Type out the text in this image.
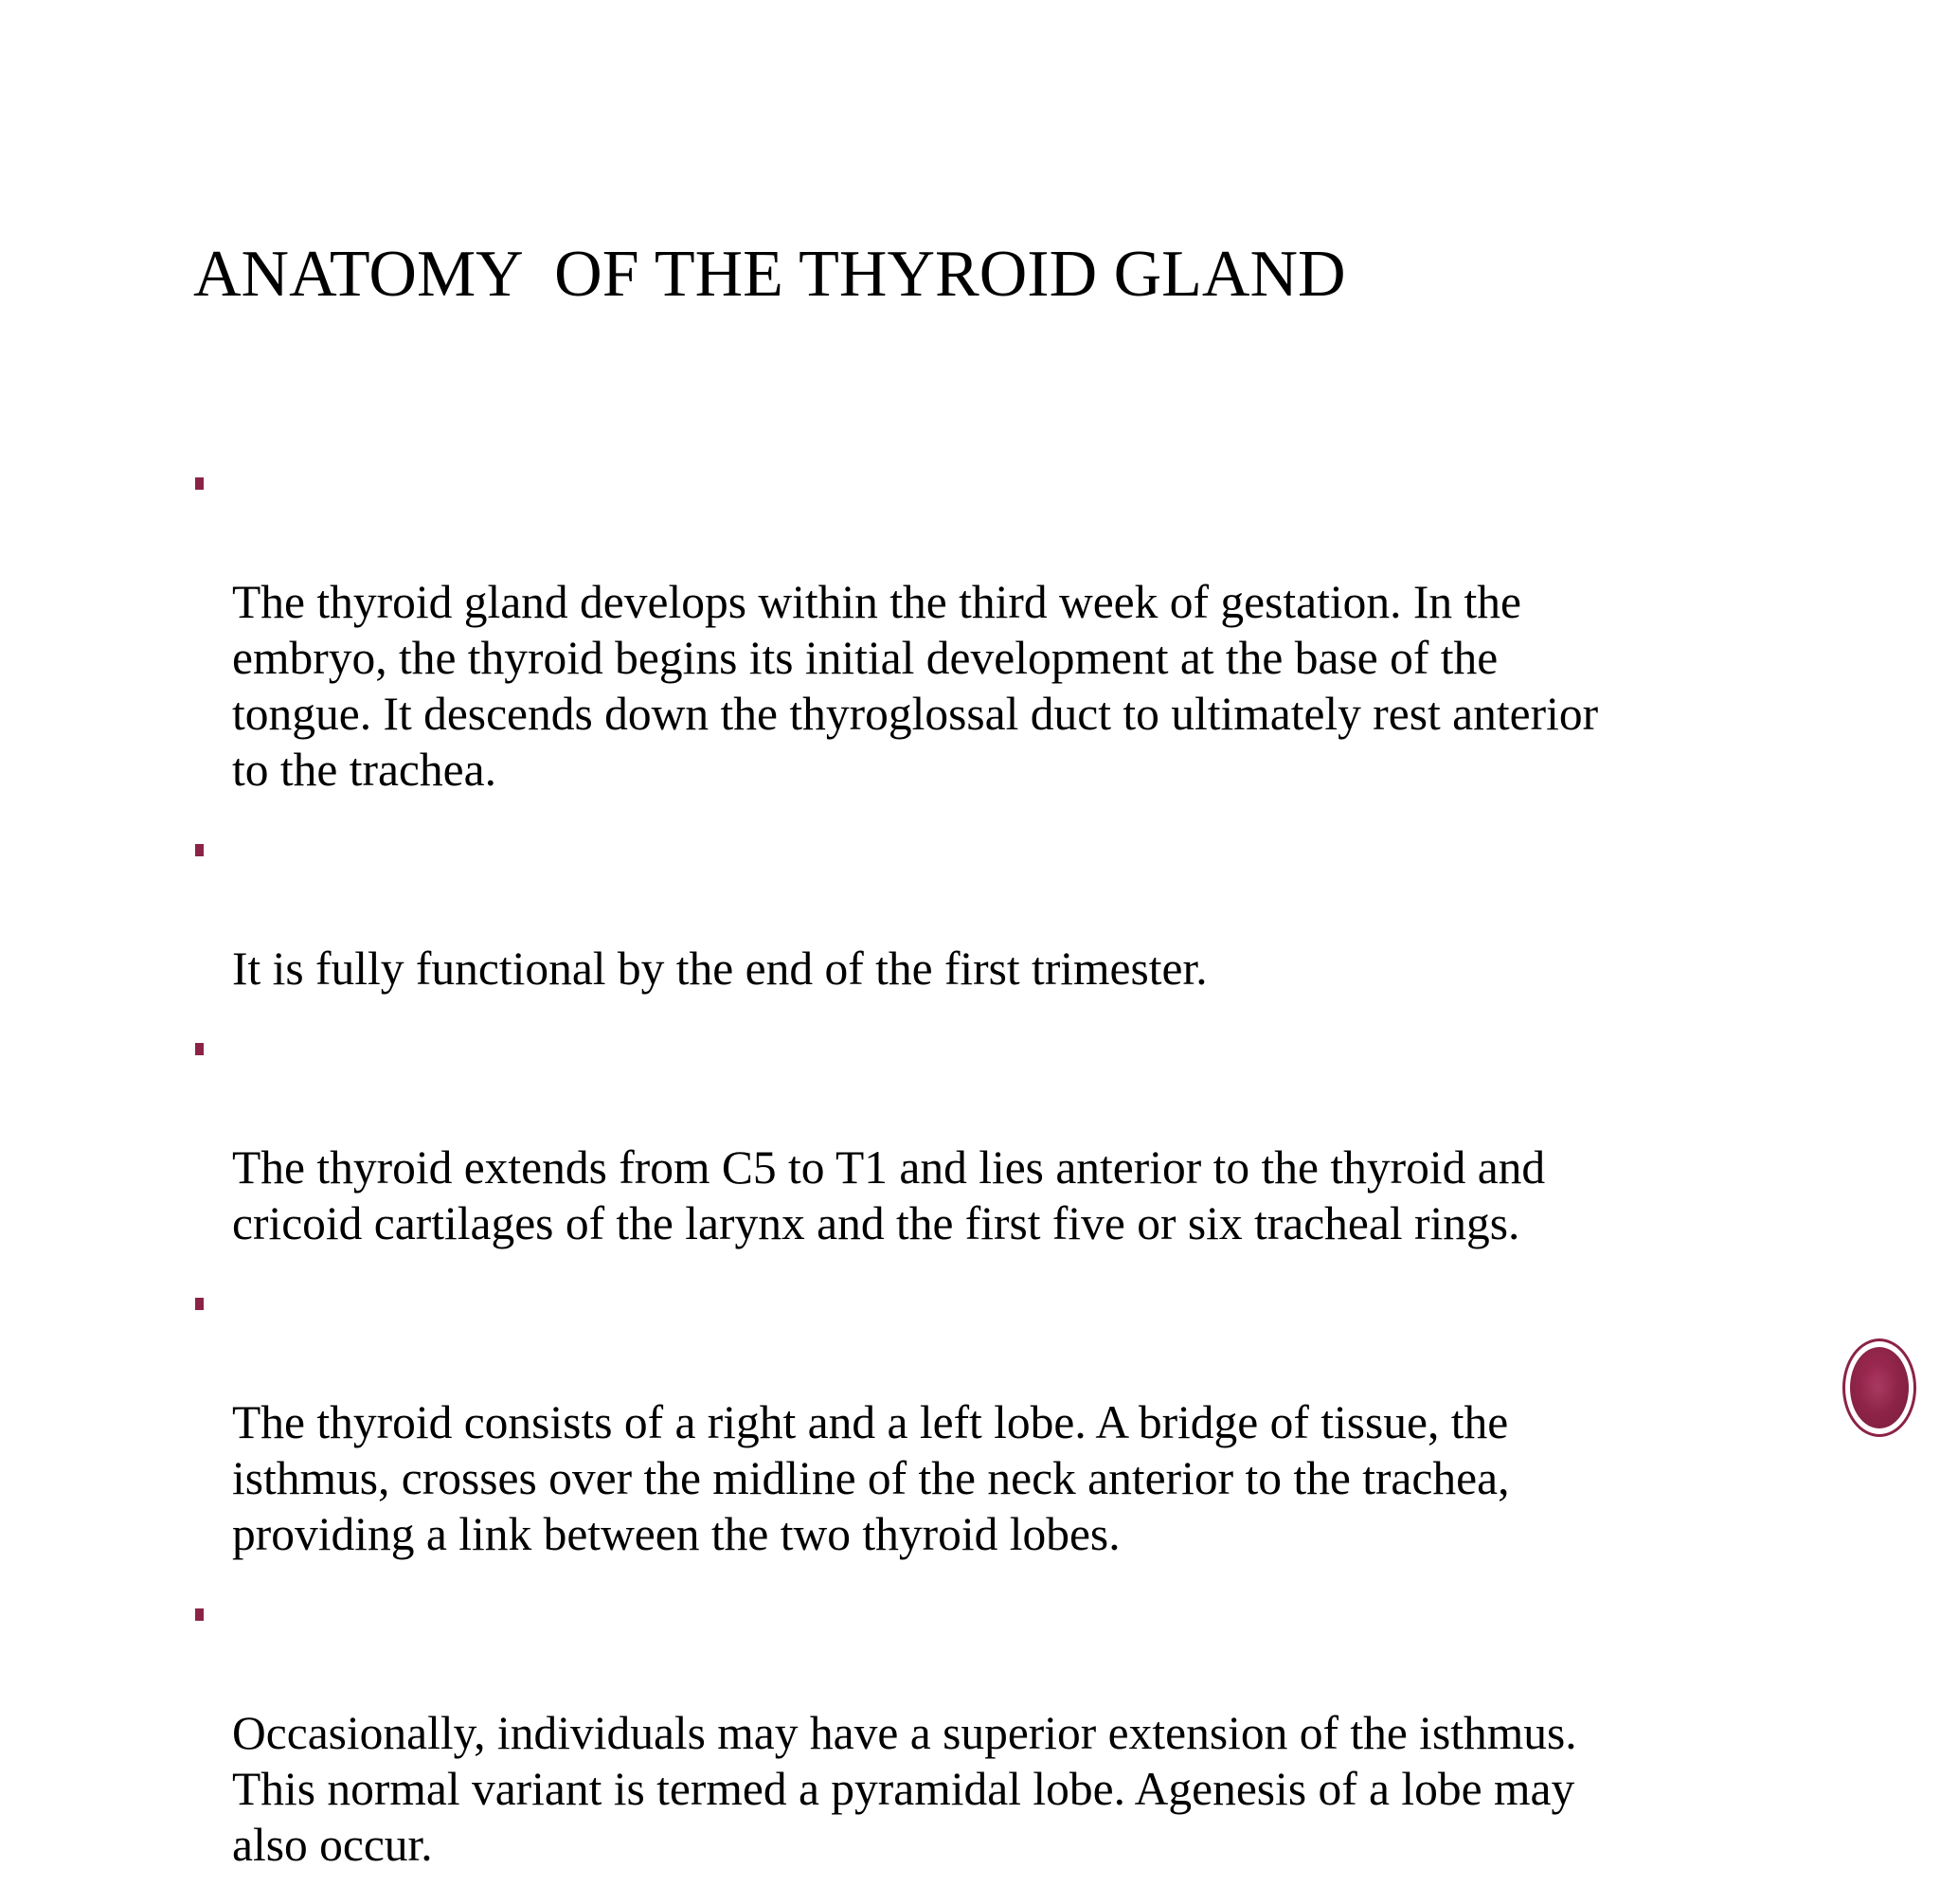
ANATOMY  OF THE THYROID GLAND

The thyroid gland develops within the third week of gestation. In the
embryo, the thyroid begins its initial development at the base of the
tongue. It descends down the thyroglossal duct to ultimately rest anterior
to the trachea.

It is fully functional by the end of the first trimester.

The thyroid extends from C5 to T1 and lies anterior to the thyroid and
cricoid cartilages of the larynx and the first five or six tracheal rings.

The thyroid consists of a right and a left lobe. A bridge of tissue, the
isthmus, crosses over the midline of the neck anterior to the trachea,
providing a link between the two thyroid lobes.

Occasionally, individuals may have a superior extension of the isthmus.
This normal variant is termed a pyramidal lobe. Agenesis of a lobe may
also occur.
